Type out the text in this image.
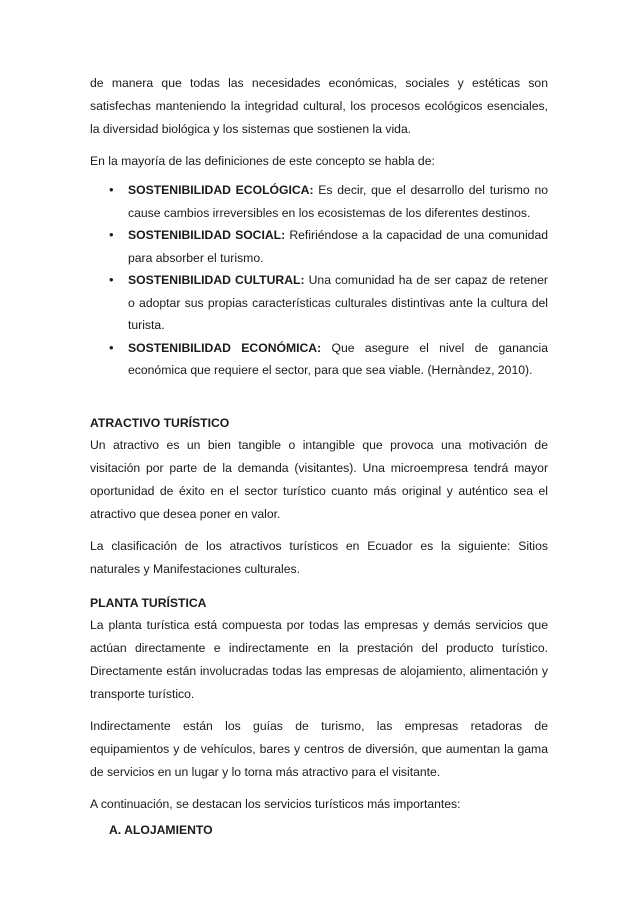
de manera que todas las necesidades económicas, sociales y estéticas son satisfechas manteniendo la integridad cultural, los procesos ecológicos esenciales, la diversidad biológica y los sistemas que sostienen la vida.

En la mayoría de las definiciones de este concepto se habla de:

• SOSTENIBILIDAD ECOLÓGICA: Es decir, que el desarrollo del turismo no cause cambios irreversibles en los ecosistemas de los diferentes destinos.
• SOSTENIBILIDAD SOCIAL: Refiriéndose a la capacidad de una comunidad para absorber el turismo.
• SOSTENIBILIDAD CULTURAL: Una comunidad ha de ser capaz de retener o adoptar sus propias características culturales distintivas ante la cultura del turista.
• SOSTENIBILIDAD ECONÓMICA: Que asegure el nivel de ganancia económica que requiere el sector, para que sea viable. (Hernàndez, 2010).
ATRACTIVO TURÍSTICO

Un atractivo es un bien tangible o intangible que provoca una motivación de visitación por parte de la demanda (visitantes). Una microempresa tendrá mayor oportunidad de éxito en el sector turístico cuanto más original y auténtico sea el atractivo que desea poner en valor.

La clasificación de los atractivos turísticos en Ecuador es la siguiente: Sitios naturales y Manifestaciones culturales.

PLANTA TURÍSTICA

La planta turística está compuesta por todas las empresas y demás servicios que actúan directamente e indirectamente en la prestación del producto turístico. Directamente están involucradas todas las empresas de alojamiento, alimentación y transporte turístico.

Indirectamente están los guías de turismo, las empresas retadoras de equipamientos y de vehículos, bares y centros de diversión, que aumentan la gama de servicios en un lugar y lo torna más atractivo para el visitante.

A continuación, se destacan los servicios turísticos más importantes:

A. ALOJAMIENTO
